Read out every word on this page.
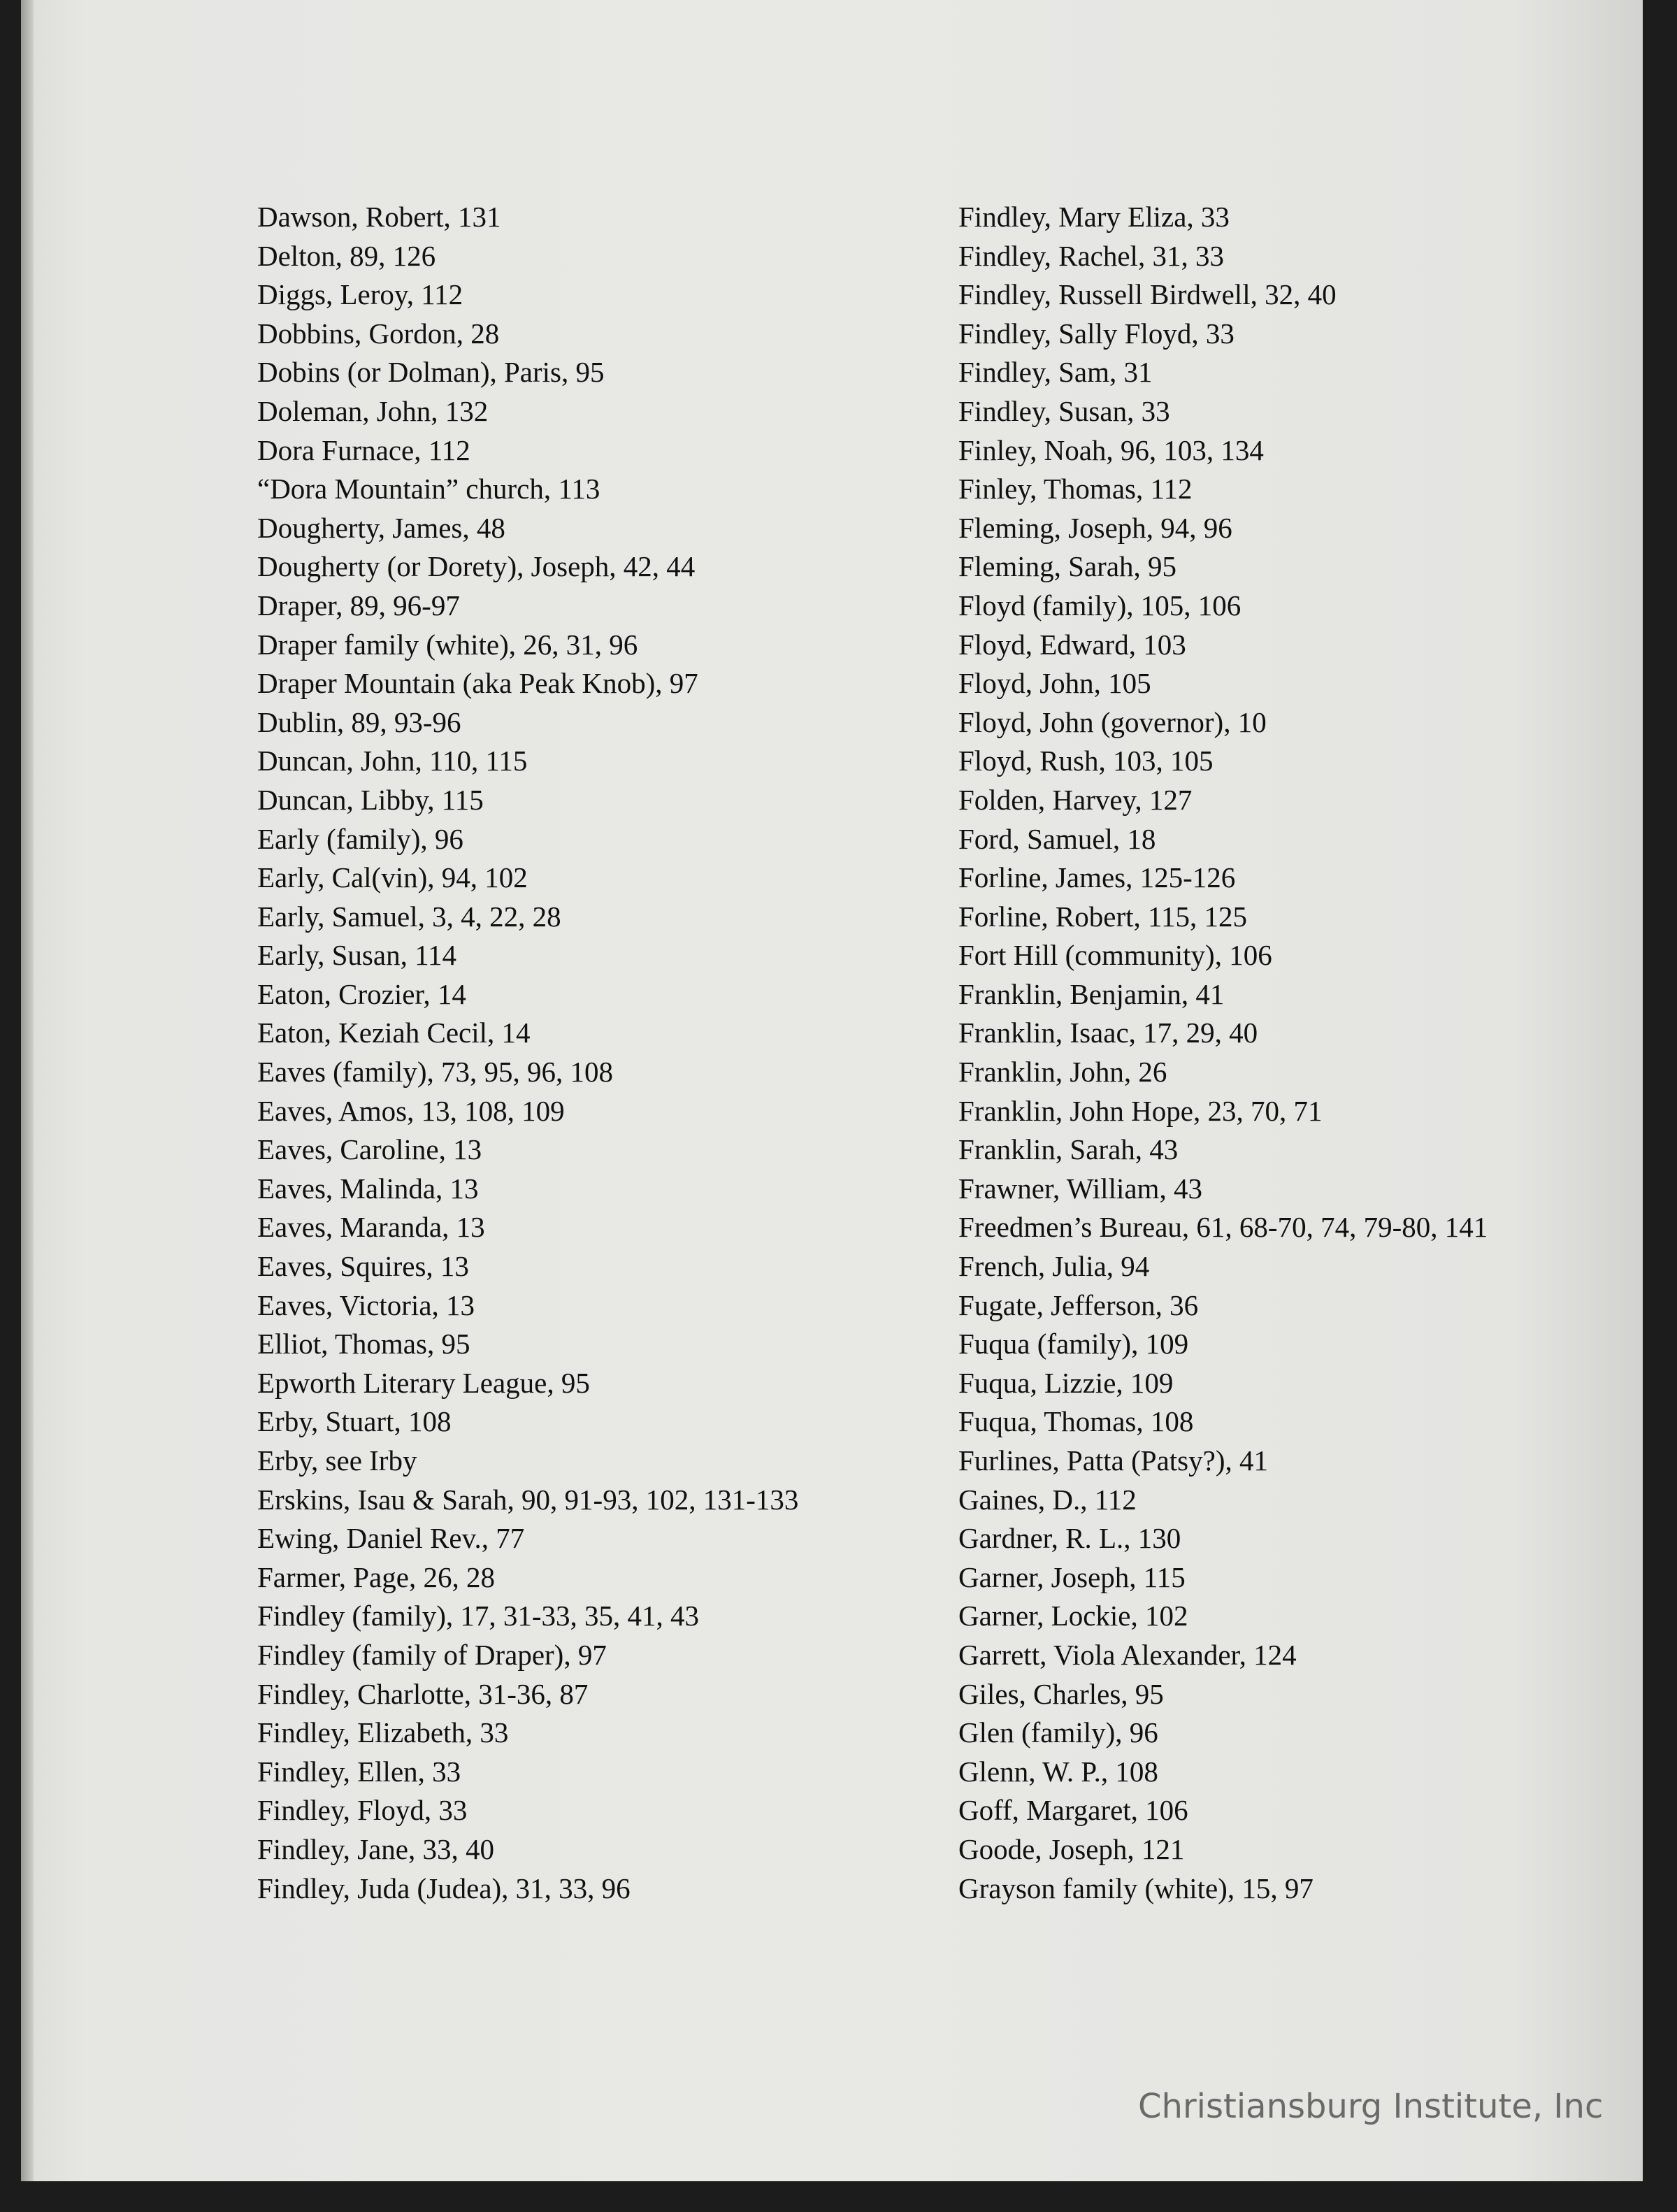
Dawson, Robert, 131

Delton, 89, 126

Diggs, Leroy, 112

Dobbins, Gordon, 28

Dobins (or Dolman), Paris, 95

Doleman, John, 132

Dora Furnace, 112

“Dora Mountain” church, 113

Dougherty, James, 48

Dougherty (or Dorety), Joseph, 42, 44

Draper, 89, 96-97

Draper family (white), 26, 31, 96

Draper Mountain (aka Peak Knob), 97

Dublin, 89, 93-96

Duncan, John, 110, 115

Duncan, Libby, 115

Early (family), 96

Early, Cal(vin), 94, 102

Early, Samuel, 3, 4, 22, 28

Early, Susan, 114

Eaton, Crozier, 14

Eaton, Keziah Cecil, 14

Eaves (family), 73, 95, 96, 108

Eaves, Amos, 13, 108, 109

Eaves, Caroline, 13

Eaves, Malinda, 13

Eaves, Maranda, 13

Eaves, Squires, 13

Eaves, Victoria, 13

Elliot, Thomas, 95

Epworth Literary League, 95

Erby, Stuart, 108

Erby, see Irby

Erskins, Isau & Sarah, 90, 91-93, 102, 131-133

Ewing, Daniel Rev., 77

Farmer, Page, 26, 28

Findley (family), 17, 31-33, 35, 41, 43

Findley (family of Draper), 97

Findley, Charlotte, 31-36, 87

Findley, Elizabeth, 33

Findley, Ellen, 33

Findley, Floyd, 33

Findley, Jane, 33, 40

Findley, Juda (Judea), 31, 33, 96

Findley, Mary Eliza, 33

Findley, Rachel, 31, 33

Findley, Russell Birdwell, 32, 40

Findley, Sally Floyd, 33

Findley, Sam, 31

Findley, Susan, 33

Finley, Noah, 96, 103, 134

Finley, Thomas, 112

Fleming, Joseph, 94, 96

Fleming, Sarah, 95

Floyd (family), 105, 106

Floyd, Edward, 103

Floyd, John, 105

Floyd, John (governor), 10

Floyd, Rush, 103, 105

Folden, Harvey, 127

Ford, Samuel, 18

Forline, James, 125-126

Forline, Robert, 115, 125

Fort Hill (community), 106

Franklin, Benjamin, 41

Franklin, Isaac, 17, 29, 40

Franklin, John, 26

Franklin, John Hope, 23, 70, 71

Franklin, Sarah, 43

Frawner, William, 43

Freedmen’s Bureau, 61, 68-70, 74, 79-80, 141

French, Julia, 94

Fugate, Jefferson, 36

Fuqua (family), 109

Fuqua, Lizzie, 109

Fuqua, Thomas, 108

Furlines, Patta (Patsy?), 41

Gaines, D., 112

Gardner, R. L., 130

Garner, Joseph, 115

Garner, Lockie, 102

Garrett, Viola Alexander, 124

Giles, Charles, 95

Glen (family), 96

Glenn, W. P., 108

Goff, Margaret, 106

Goode, Joseph, 121

Grayson family (white), 15, 97

Christiansburg Institute, Inc
